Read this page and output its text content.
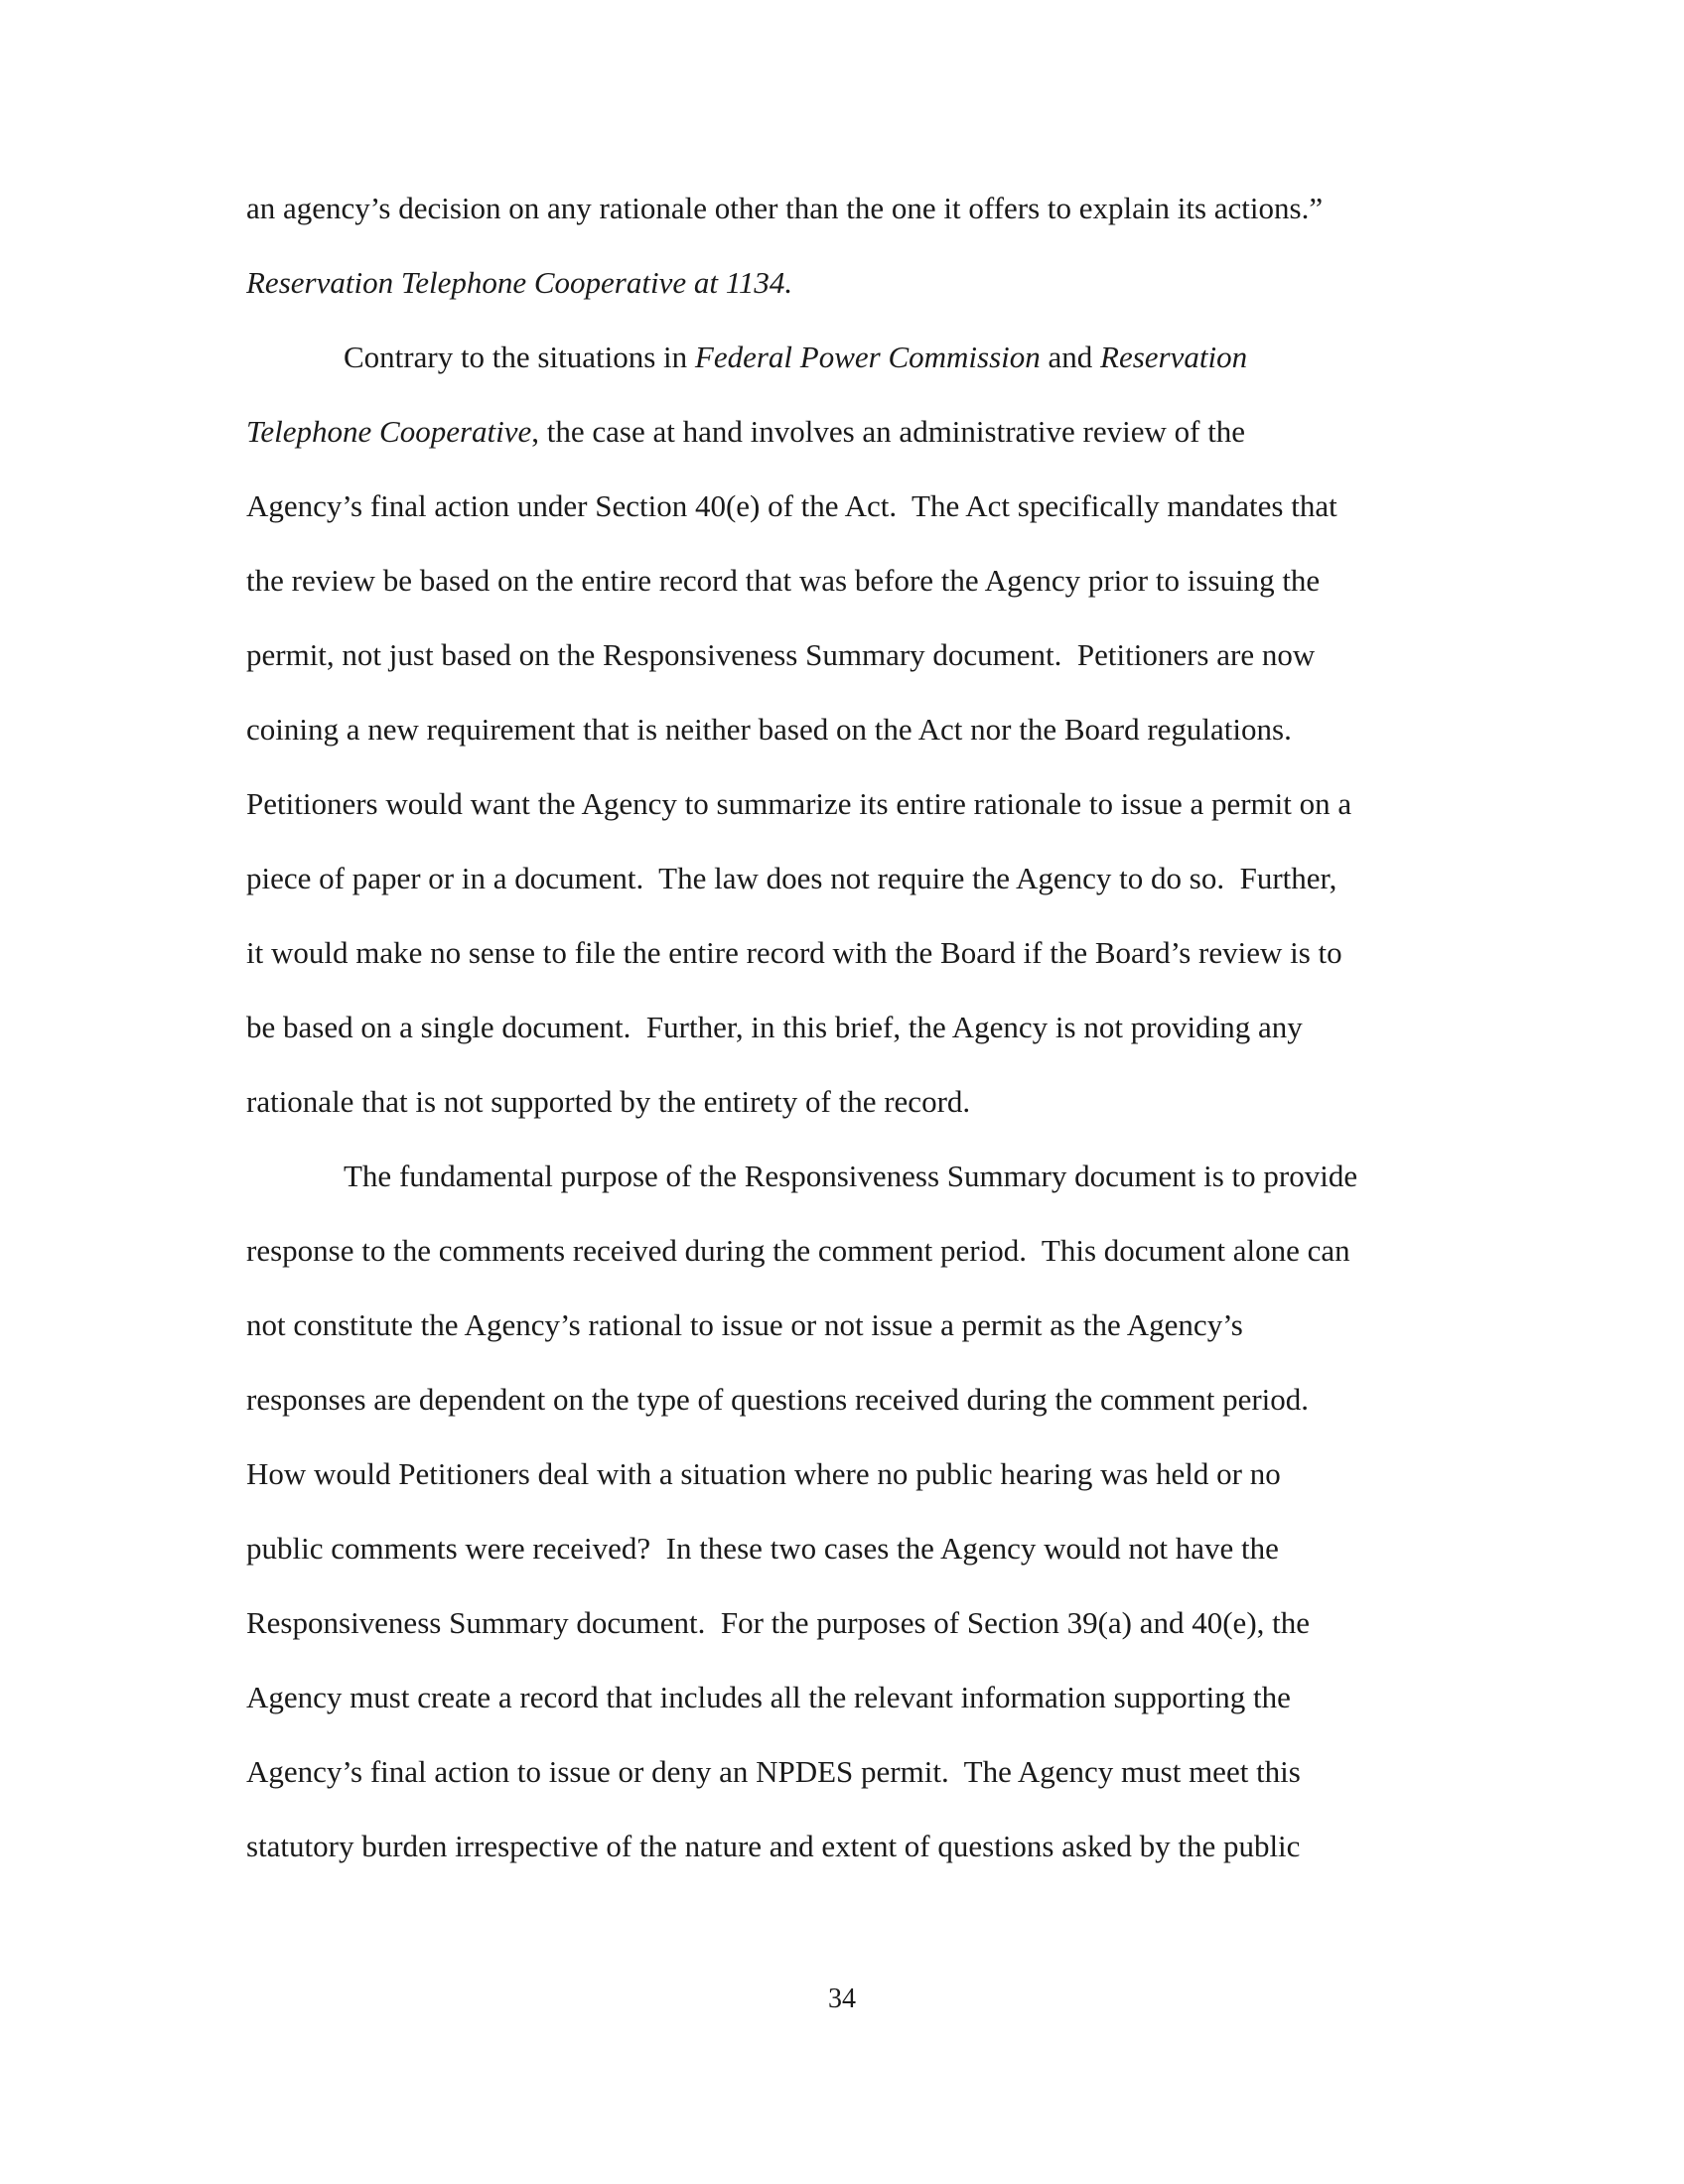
an agency’s decision on any rationale other than the one it offers to explain its actions.”
Reservation Telephone Cooperative at 1134.
Contrary to the situations in Federal Power Commission and Reservation
Telephone Cooperative, the case at hand involves an administrative review of the
Agency’s final action under Section 40(e) of the Act.  The Act specifically mandates that
the review be based on the entire record that was before the Agency prior to issuing the
permit, not just based on the Responsiveness Summary document.  Petitioners are now
coining a new requirement that is neither based on the Act nor the Board regulations.
Petitioners would want the Agency to summarize its entire rationale to issue a permit on a
piece of paper or in a document.  The law does not require the Agency to do so.  Further,
it would make no sense to file the entire record with the Board if the Board’s review is to
be based on a single document.  Further, in this brief, the Agency is not providing any
rationale that is not supported by the entirety of the record.
The fundamental purpose of the Responsiveness Summary document is to provide
response to the comments received during the comment period.  This document alone can
not constitute the Agency’s rational to issue or not issue a permit as the Agency’s
responses are dependent on the type of questions received during the comment period.
How would Petitioners deal with a situation where no public hearing was held or no
public comments were received?  In these two cases the Agency would not have the
Responsiveness Summary document.  For the purposes of Section 39(a) and 40(e), the
Agency must create a record that includes all the relevant information supporting the
Agency’s final action to issue or deny an NPDES permit.  The Agency must meet this
statutory burden irrespective of the nature and extent of questions asked by the public
34
